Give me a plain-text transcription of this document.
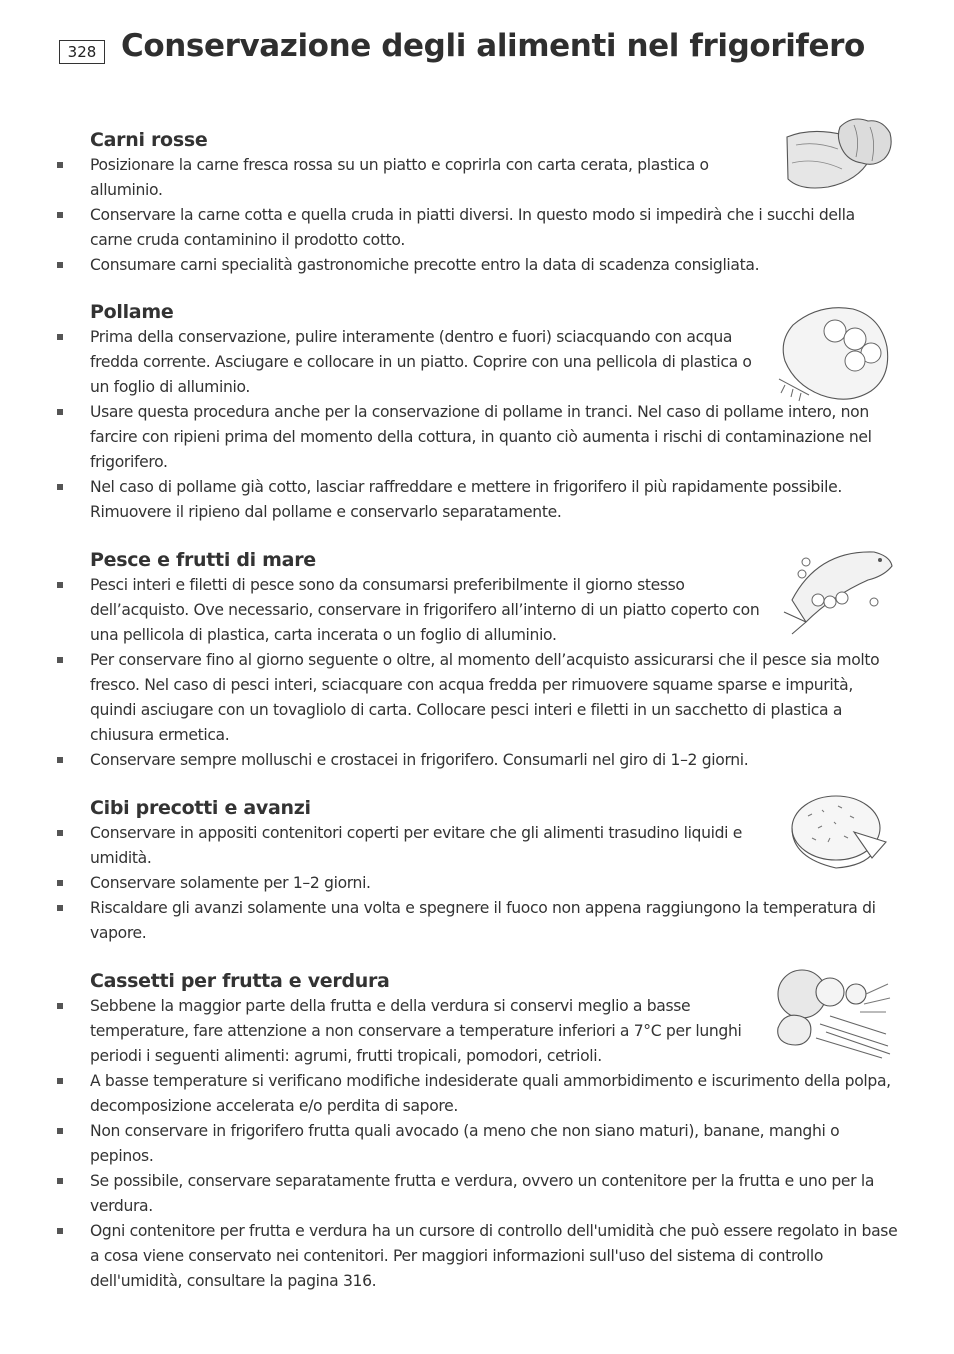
328 Conservazione degli alimenti nel frigorifero
Carni rosse
Posizionare la carne fresca rossa su un piatto e coprirla con carta cerata, plastica o alluminio.
Conservare la carne cotta e quella cruda in piatti diversi. In questo modo si impedirà che i succhi della carne cruda contaminino il prodotto cotto.
Consumare carni specialità gastronomiche precotte entro la data di scadenza consigliata.
Pollame
Prima della conservazione, pulire interamente (dentro e fuori) sciacquando con acqua fredda corrente. Asciugare e collocare in un piatto. Coprire con una pellicola di plastica o un foglio di alluminio.
Usare questa procedura anche per la conservazione di pollame in tranci. Nel caso di pollame intero, non farcire con ripieni prima del momento della cottura, in quanto ciò aumenta i rischi di contaminazione nel frigorifero.
Nel caso di pollame già cotto, lasciar raffreddare e mettere in frigorifero il più rapidamente possibile. Rimuovere il ripieno dal pollame e conservarlo separatamente.
Pesce e frutti di mare
Pesci interi e filetti di pesce sono da consumarsi preferibilmente il giorno stesso dell’acquisto. Ove necessario, conservare in frigorifero all’interno di un piatto coperto con una pellicola di plastica, carta incerata o un foglio di alluminio.
Per conservare fino al giorno seguente o oltre, al momento dell’acquisto assicurarsi che il pesce sia molto fresco. Nel caso di pesci interi, sciacquare con acqua fredda per rimuovere squame sparse e impurità, quindi asciugare con un tovagliolo di carta. Collocare pesci interi e filetti in un sacchetto di plastica a chiusura ermetica.
Conservare sempre molluschi e crostacei in frigorifero. Consumarli nel giro di 1–2 giorni.
Cibi precotti e avanzi
Conservare in appositi contenitori coperti per evitare che gli alimenti trasudino liquidi e umidità.
Conservare solamente per 1–2 giorni.
Riscaldare gli avanzi solamente una volta e spegnere il fuoco non appena raggiungono la temperatura di vapore.
Cassetti per frutta e verdura
Sebbene la maggior parte della frutta e della verdura si conservi meglio a basse temperature, fare attenzione a non conservare a temperature inferiori a 7°C per lunghi periodi i seguenti alimenti: agrumi, frutti tropicali, pomodori, cetrioli.
A basse temperature si verificano modifiche indesiderate quali ammorbidimento e iscurimento della polpa, decomposizione accelerata e/o perdita di sapore.
Non conservare in frigorifero frutta quali avocado (a meno che non siano maturi), banane, manghi o pepinos.
Se possibile, conservare separatamente frutta e verdura, ovvero un contenitore per la frutta e uno per la verdura.
Ogni contenitore per frutta e verdura ha un cursore di controllo dell'umidità che può essere regolato in base a cosa viene conservato nei contenitori. Per maggiori informazioni sull'uso del sistema di controllo dell'umidità, consultare la pagina 316.
